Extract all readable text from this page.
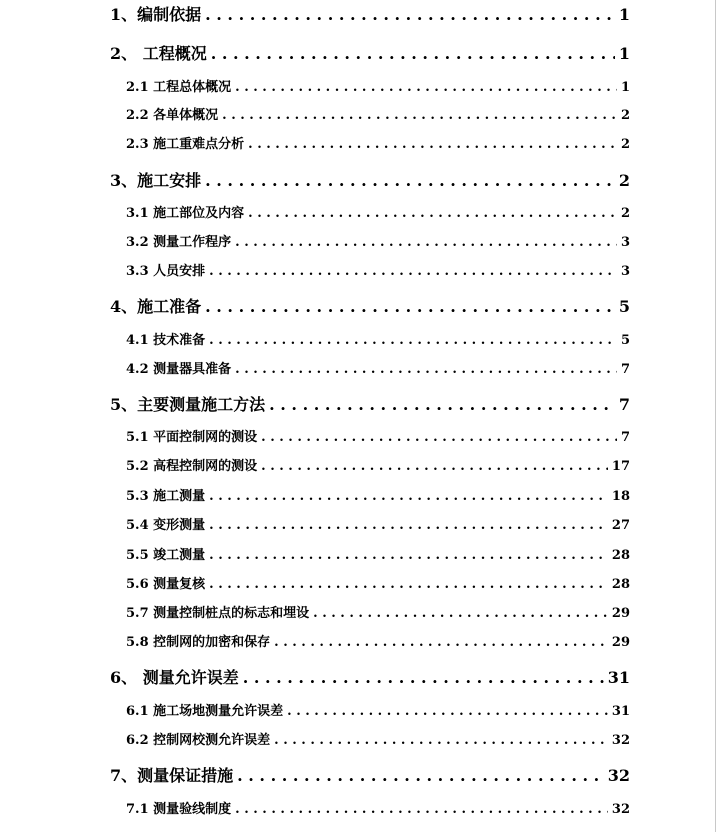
1、编制依据 . . .	1
2、 工程概况 . . .	1
2.1 工程总体概况 . . .	1
2.2 各单体概况 . . .	2
2.3 施工重难点分析 . . .	2
3、施工安排 . . .	2
3.1 施工部位及内容 . . .	2
3.2 测量工作程序 . . .	3
3.3 人员安排 . . .	3
4、施工准备 . . .	5
4.1 技术准备 . . .	5
4.2 测量器具准备 . . .	7
5、主要测量施工方法 . . .	7
5.1 平面控制网的测设 . . .	7
5.2 高程控制网的测设 . . .	17
5.3 施工测量 . . .	18
5.4 变形测量 . . .	27
5.5 竣工测量 . . .	28
5.6 测量复核 . . .	28
5.7 测量控制桩点的标志和埋设 . . .	29
5.8 控制网的加密和保存 . . .	29
6、 测量允许误差 . . .	31
6.1 施工场地测量允许误差 . . .	31
6.2 控制网校测允许误差 . . .	32
7、测量保证措施 . . .	32
7.1 测量验线制度 . . .	32
